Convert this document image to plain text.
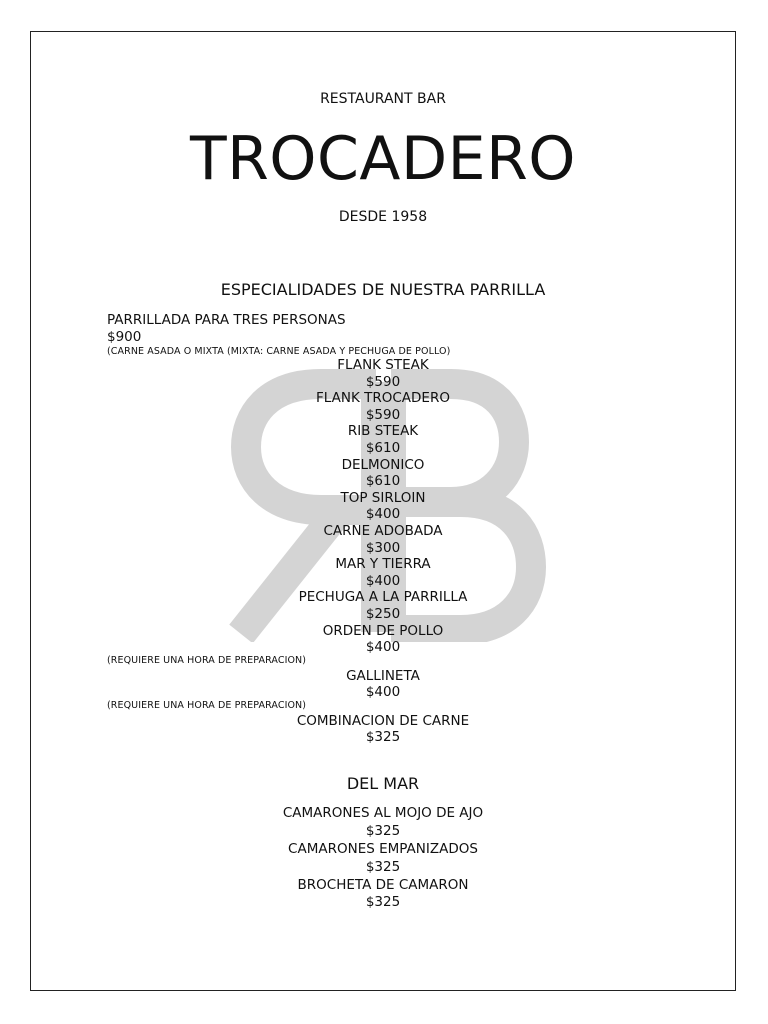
RESTAURANT BAR
TROCADERO
DESDE 1958
ESPECIALIDADES DE NUESTRA PARRILLA
PARRILLADA PARA TRES PERSONAS
$900
(CARNE ASADA O MIXTA (MIXTA: CARNE ASADA Y PECHUGA DE POLLO)
FLANK STEAK
$590
FLANK TROCADERO
$590
RIB STEAK
$610
DELMONICO
$610
TOP SIRLOIN
$400
CARNE ADOBADA
$300
MAR Y TIERRA
$400
PECHUGA A LA PARRILLA
$250
ORDEN DE POLLO
$400
GALLINETA
$400
COMBINACION DE CARNE
$325
(REQUIERE UNA HORA DE PREPARACION)
(REQUIERE UNA HORA DE PREPARACION)
DEL MAR
CAMARONES AL MOJO DE AJO
$325
CAMARONES EMPANIZADOS
$325
BROCHETA DE CAMARON
$325
